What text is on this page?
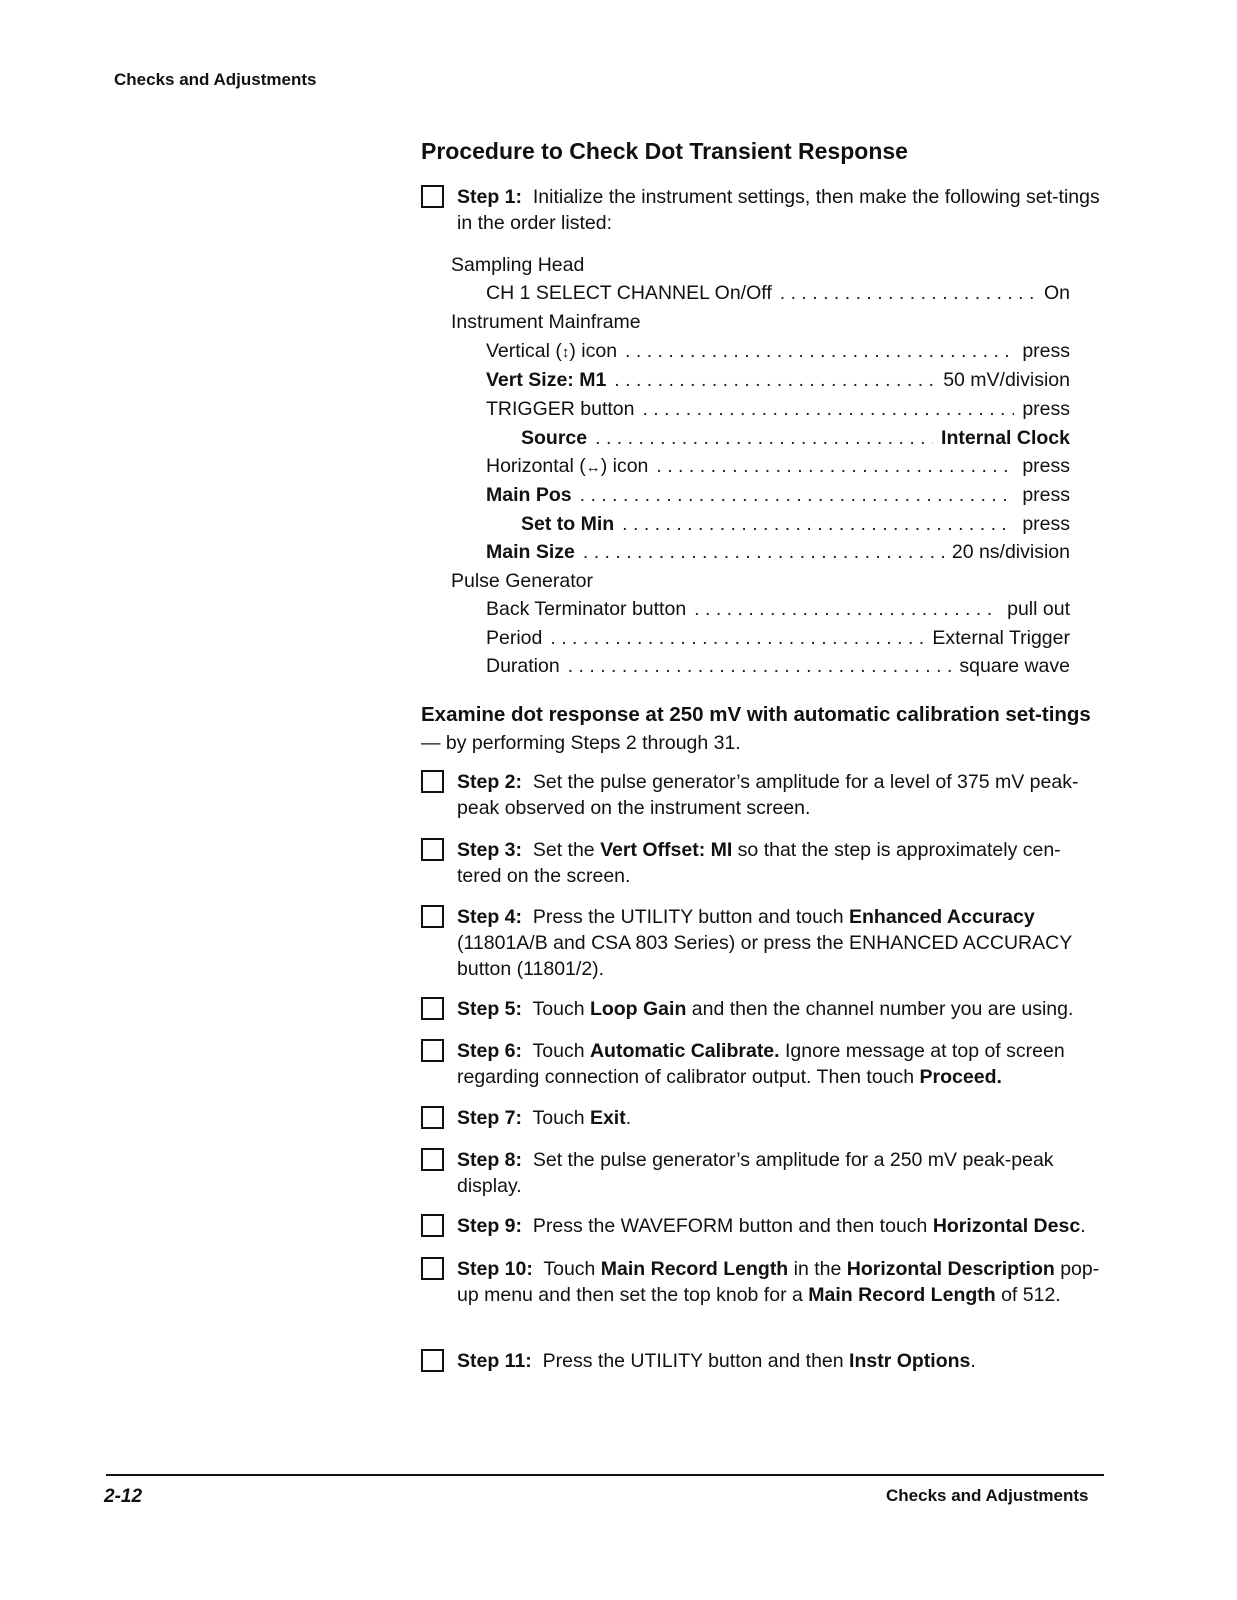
Checks and Adjustments
Procedure to Check Dot Transient Response
Step 1: Initialize the instrument settings, then make the following set-tings in the order listed:
Sampling Head
CH 1 SELECT CHANNEL On/Off . . .	On
Instrument Mainframe
Vertical (↕) icon . . .	press
Vert Size: M1 . . .	50 mV/division
TRIGGER button . . .	press
Source . . .	Internal Clock
Horizontal (↔) icon . . .	press
Main Pos . . .	press
Set to Min . . .	press
Main Size . . .	20 ns/division
Pulse Generator
Back Terminator button . . .	pull out
Period . . .	External Trigger
Duration . . .	square wave
Examine dot response at 250 mV with automatic calibration set-tings — by performing Steps 2 through 31.
Step 2: Set the pulse generator’s amplitude for a level of 375 mV peak-peak observed on the instrument screen.
Step 3: Set the Vert Offset: MI so that the step is approximately cen-tered on the screen.
Step 4: Press the UTILITY button and touch Enhanced Accuracy (11801A/B and CSA 803 Series) or press the ENHANCED ACCURACY button (11801/2).
Step 5: Touch Loop Gain and then the channel number you are using.
Step 6: Touch Automatic Calibrate. Ignore message at top of screen regarding connection of calibrator output. Then touch Proceed.
Step 7: Touch Exit.
Step 8: Set the pulse generator’s amplitude for a 250 mV peak-peak display.
Step 9: Press the WAVEFORM button and then touch Horizontal Desc.
Step 10: Touch Main Record Length in the Horizontal Description pop-up menu and then set the top knob for a Main Record Length of 512.
Step 11: Press the UTILITY button and then Instr Options.
2-12	Checks and Adjustments
